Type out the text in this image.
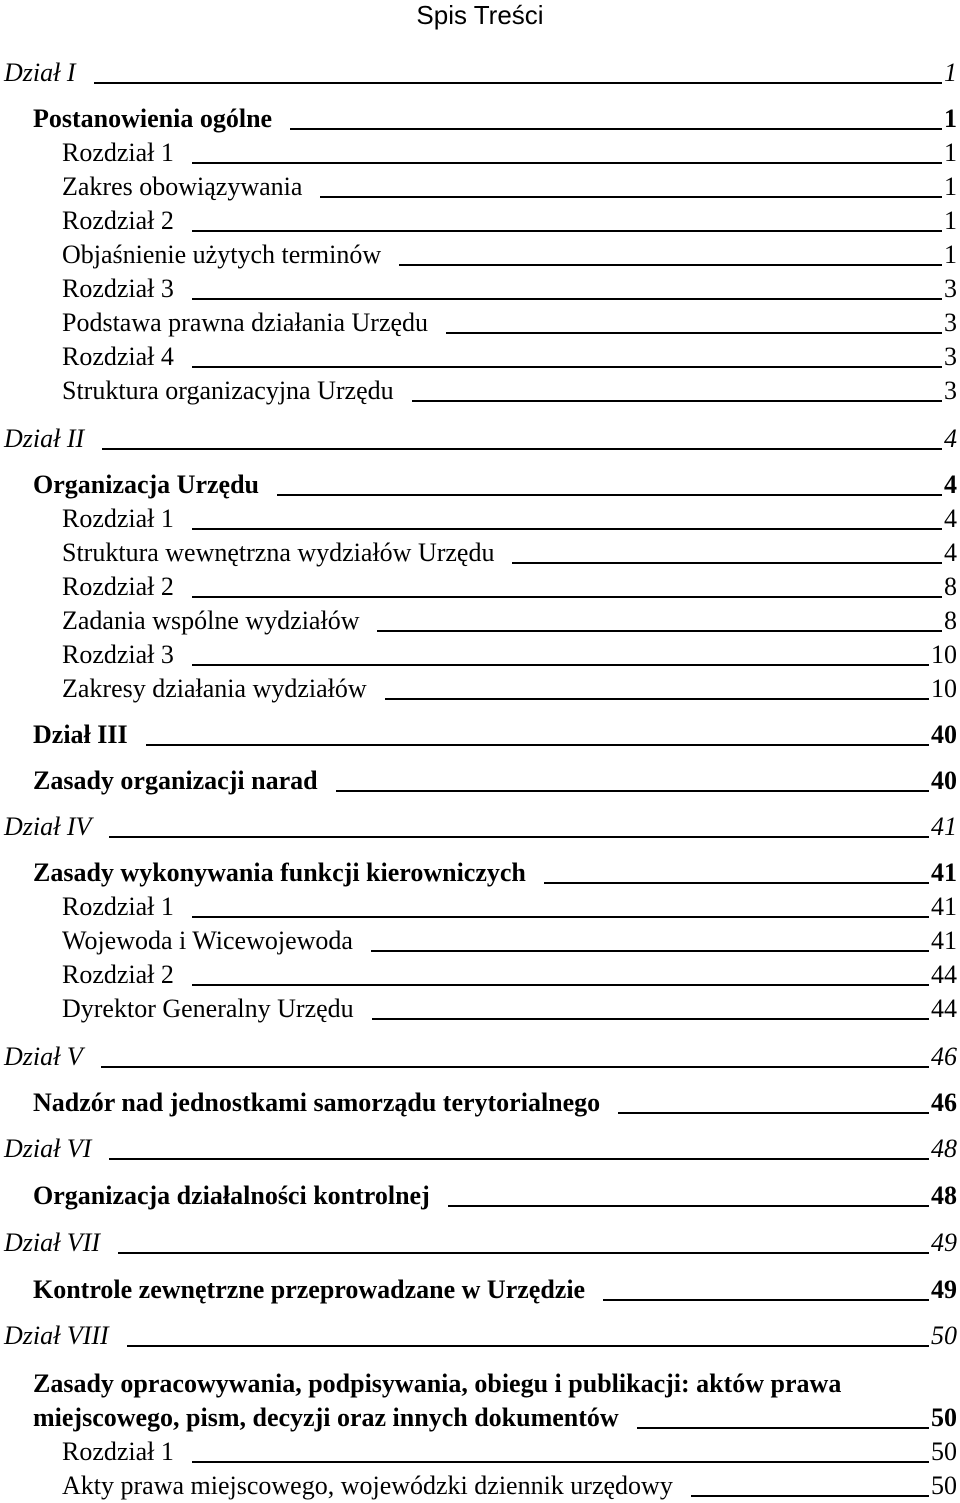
Spis Treści
Dział I	1
Postanowienia ogólne	1
Rozdział 1	1
Zakres obowiązywania	1
Rozdział 2	1
Objaśnienie użytych terminów	1
Rozdział 3	3
Podstawa prawna działania Urzędu	3
Rozdział 4	3
Struktura organizacyjna Urzędu	3
Dział II	4
Organizacja Urzędu	4
Rozdział 1	4
Struktura wewnętrzna wydziałów Urzędu	4
Rozdział 2	8
Zadania wspólne wydziałów	8
Rozdział 3	10
Zakresy działania wydziałów	10
Dział III	40
Zasady organizacji narad	40
Dział IV	41
Zasady wykonywania funkcji kierowniczych	41
Rozdział 1	41
Wojewoda i Wicewojewoda	41
Rozdział 2	44
Dyrektor Generalny Urzędu	44
Dział V	46
Nadzór nad jednostkami samorządu terytorialnego	46
Dział VI	48
Organizacja działalności kontrolnej	48
Dział VII	49
Kontrole zewnętrzne przeprowadzane w Urzędzie	49
Dział VIII	50
Zasady opracowywania, podpisywania, obiegu i publikacji: aktów prawa
miejscowego, pism, decyzji oraz innych dokumentów	50
Rozdział 1	50
Akty prawa miejscowego, wojewódzki dziennik urzędowy	50
